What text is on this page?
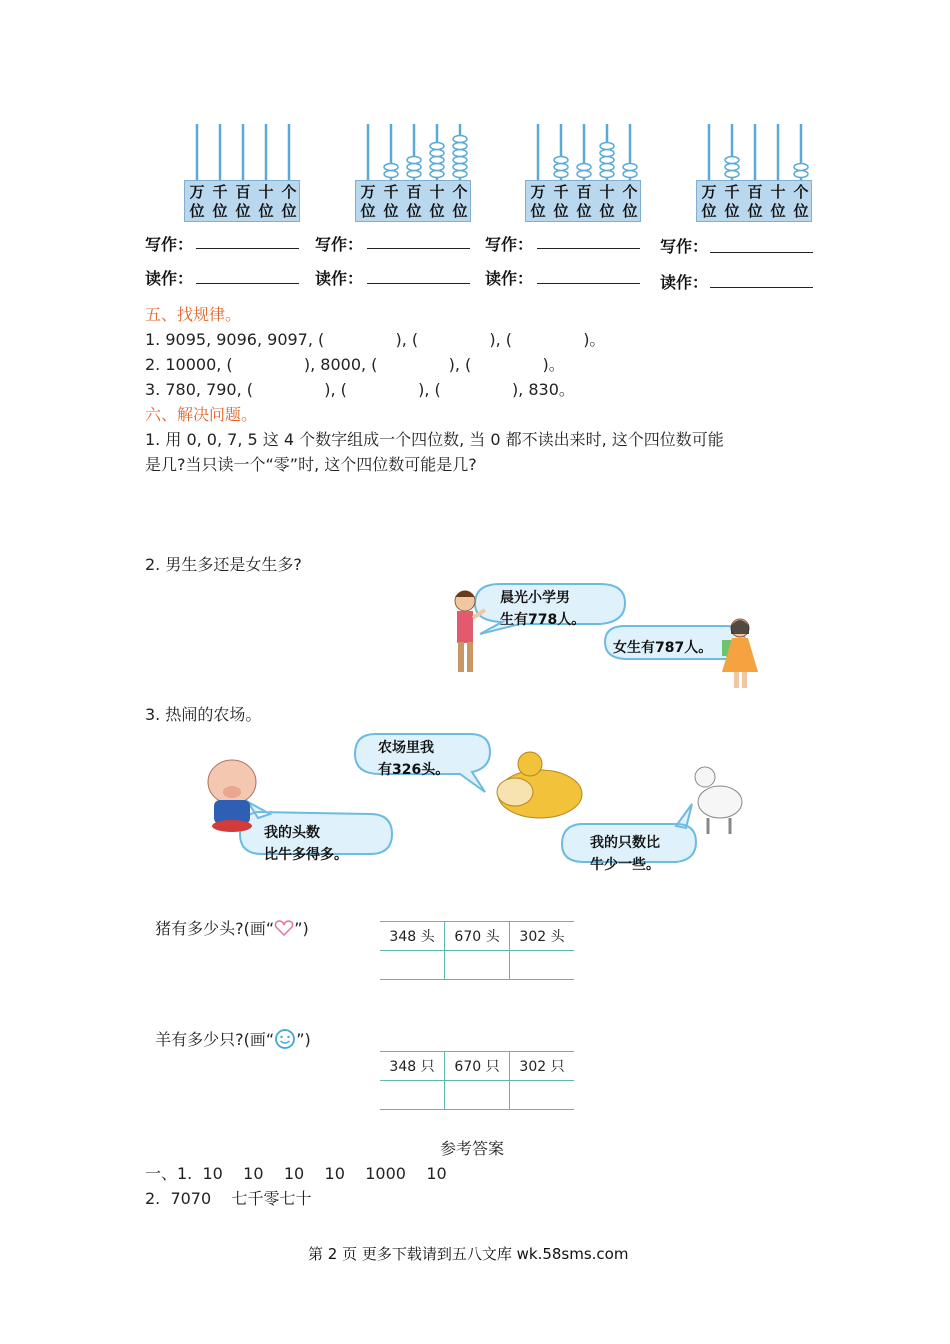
万
位
千
位
百
位
十
位
个
位
万
位
千
位
百
位
十
位
个
位
万
位
千
位
百
位
十
位
个
位
万
位
千
位
百
位
十
位
个
位
写作：	写作：	写作：	写作：
读作：	读作：	读作：	读作：
五、找规律。
1. 9095, 9096, 9097, (              ), (              ), (              )。
2. 10000, (              ), 8000, (              ), (              )。
3. 780, 790, (              ), (              ), (              ), 830。
六、解决问题。
1. 用 0, 0, 7, 5 这 4 个数字组成一个四位数, 当 0 都不读出来时, 这个四位数可能
是几?当只读一个“零”时, 这个四位数可能是几?
2. 男生多还是女生多?
晨光小学男
生有778人。
女生有787人。
3. 热闹的农场。
农场里我
有326头。
我的头数
比牛多得多。
我的只数比
牛少一些。

猪有多少头?(画“ ”)	348 头	670 头	302 头

羊有多少只?(画“ ”)

348 只	670 只	302 只

参考答案
一、1.  10    10    10    10    1000    10
2.  7070    七千零七十
第 2 页 更多下载请到五八文库 wk.58sms.com
